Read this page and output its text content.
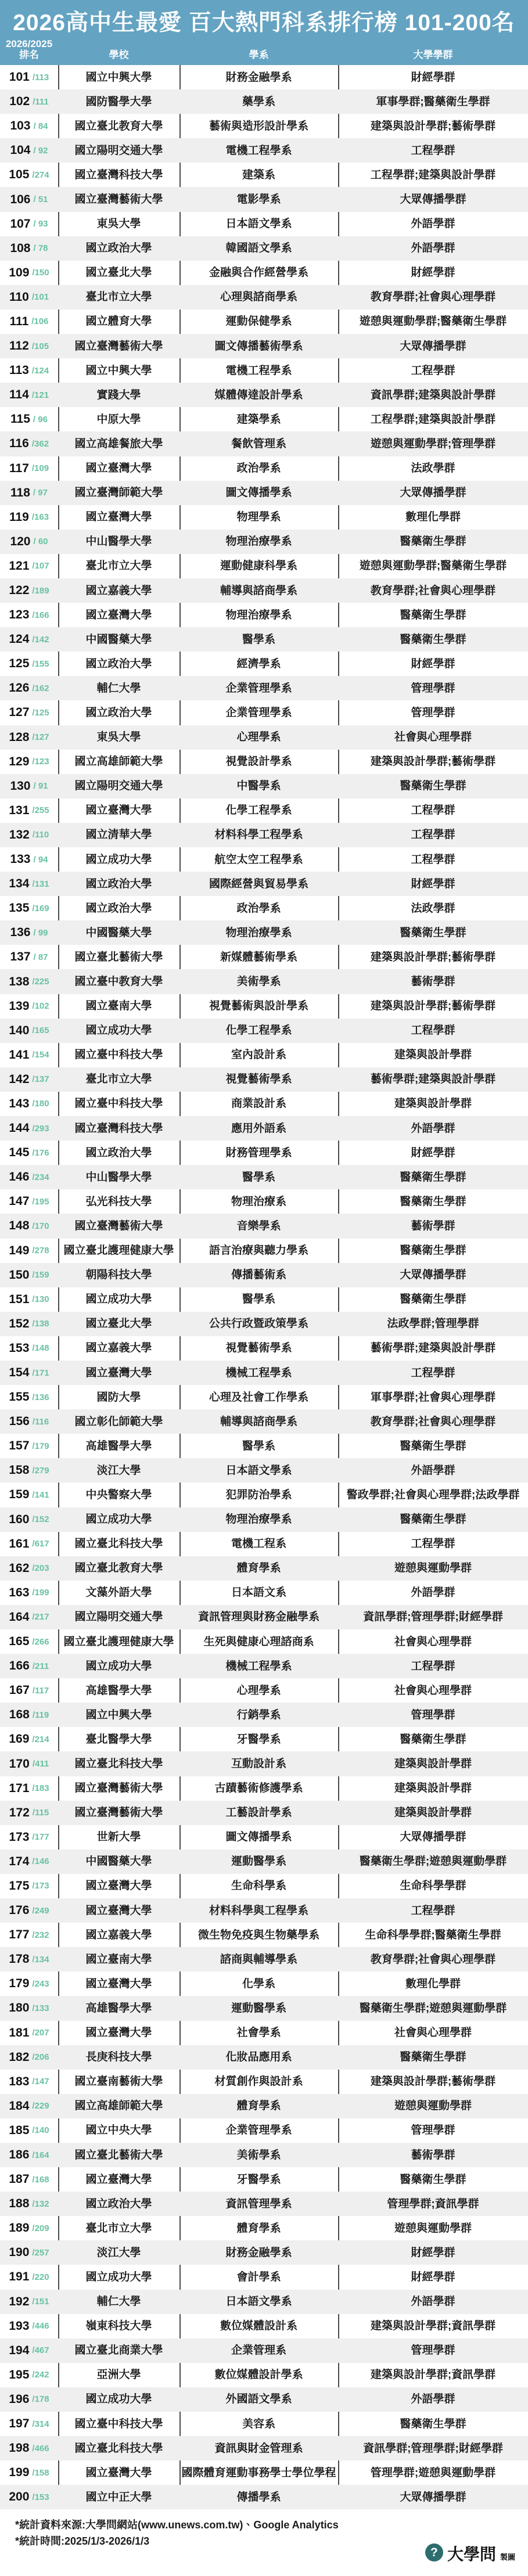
2026高中生最愛 百大熱門科系排行榜 101-200名
2026/2025
排名	學校	學系	大學學群
101 /113	國立中興大學	財務金融學系	財經學群
102 /111	國防醫學大學	藥學系	軍事學群;醫藥衛生學群
103 / 84 國立臺北教育大學	藝術與造形設計學系	建築與設計學群;藝術學群
104 / 92 國立陽明交通大學	電機工程學系	工程學群
105 /274 國立臺灣科技大學	建築系	工程學群;建築與設計學群
106 / 51 國立臺灣藝術大學	電影學系	大眾傳播學群
107 / 93	東吳大學	日本語文學系	外語學群
108 / 78	國立政治大學	韓國語文學系	外語學群
109 /150	國立臺北大學	金融與合作經營學系	財經學群
110 /101	臺北市立大學	心理與諮商學系	教育學群;社會與心理學群
111 /106	國立體育大學	運動保健學系	遊憩與運動學群;醫藥衛生學群
112 /105 國立臺灣藝術大學	圖文傳播藝術學系	大眾傳播學群
113 /124	國立中興大學	電機工程學系	工程學群
114 /121	實踐大學	媒體傳達設計學系	資訊學群;建築與設計學群
115 / 96	中原大學	建築學系	工程學群;建築與設計學群
116 /362 國立高雄餐旅大學	餐飲管理系	遊憩與運動學群;管理學群
117 /109	國立臺灣大學	政治學系	法政學群
118 / 97 國立臺灣師範大學	圖文傳播學系	大眾傳播學群
119 /163	國立臺灣大學	物理學系	數理化學群
120 / 60	中山醫學大學	物理治療學系	醫藥衛生學群
121 /107	臺北市立大學	運動健康科學系	遊憩與運動學群;醫藥衛生學群
122 /189	國立嘉義大學	輔導與諮商學系	教育學群;社會與心理學群
123 /166	國立臺灣大學	物理治療學系	醫藥衛生學群
124 /142	中國醫藥大學	醫學系	醫藥衛生學群
125 /155	國立政治大學	經濟學系	財經學群
126 /162	輔仁大學	企業管理學系	管理學群
127 /125	國立政治大學	企業管理學系	管理學群
128 /127	東吳大學	心理學系	社會與心理學群
129 /123 國立高雄師範大學	視覺設計學系	建築與設計學群;藝術學群
130 / 91 國立陽明交通大學	中醫學系	醫藥衛生學群
131 /255	國立臺灣大學	化學工程學系	工程學群
132 /110	國立清華大學	材料科學工程學系	工程學群
133 / 94	國立成功大學	航空太空工程學系	工程學群
134 /131	國立政治大學	國際經營與貿易學系	財經學群
135 /169	國立政治大學	政治學系	法政學群
136 / 99	中國醫藥大學	物理治療學系	醫藥衛生學群
137 / 87 國立臺北藝術大學	新媒體藝術學系	建築與設計學群;藝術學群
138 /225 國立臺中教育大學	美術學系	藝術學群
139 /102	國立臺南大學	視覺藝術與設計學系	建築與設計學群;藝術學群
140 /165	國立成功大學	化學工程學系	工程學群
141 /154 國立臺中科技大學	室內設計系	建築與設計學群
142 /137	臺北市立大學	視覺藝術學系	藝術學群;建築與設計學群
143 /180 國立臺中科技大學	商業設計系	建築與設計學群
144 /293 國立臺灣科技大學	應用外語系	外語學群
145 /176	國立政治大學	財務管理學系	財經學群
146 /234	中山醫學大學	醫學系	醫藥衛生學群
147 /195	弘光科技大學	物理治療系	醫藥衛生學群
148 /170 國立臺灣藝術大學	音樂學系	藝術學群
149 /278 國立臺北護理健康大學	語言治療與聽力學系	醫藥衛生學群
150 /159	朝陽科技大學	傳播藝術系	大眾傳播學群
151 /130	國立成功大學	醫學系	醫藥衛生學群
152 /138	國立臺北大學	公共行政暨政策學系	法政學群;管理學群
153 /148	國立嘉義大學	視覺藝術學系	藝術學群;建築與設計學群
154 /171	國立臺灣大學	機械工程學系	工程學群
155 /136	國防大學	心理及社會工作學系	軍事學群;社會與心理學群
156 /116 國立彰化師範大學	輔導與諮商學系	教育學群;社會與心理學群
157 /179	高雄醫學大學	醫學系	醫藥衛生學群
158 /279	淡江大學	日本語文學系	外語學群
159 /141	中央警察大學	犯罪防治學系	警政學群;社會與心理學群;法政學群
160 /152	國立成功大學	物理治療學系	醫藥衛生學群
161 /617 國立臺北科技大學	電機工程系	工程學群
162 /203 國立臺北教育大學	體育學系	遊憩與運動學群
163 /199	文藻外語大學	日本語文系	外語學群
164 /217 國立陽明交通大學	資訊管理與財務金融學系	資訊學群;管理學群;財經學群
165 /266 國立臺北護理健康大學	生死與健康心理諮商系	社會與心理學群
166 /211	國立成功大學	機械工程學系	工程學群
167 /117	高雄醫學大學	心理學系	社會與心理學群
168 /119	國立中興大學	行銷學系	管理學群
169 /214	臺北醫學大學	牙醫學系	醫藥衛生學群
170 /411 國立臺北科技大學	互動設計系	建築與設計學群
171 /183 國立臺灣藝術大學	古蹟藝術修護學系	建築與設計學群
172 /115 國立臺灣藝術大學	工藝設計學系	建築與設計學群
173 /177	世新大學	圖文傳播學系	大眾傳播學群
174 /146	中國醫藥大學	運動醫學系	醫藥衛生學群;遊憩與運動學群
175 /173	國立臺灣大學	生命科學系	生命科學學群
176 /249	國立臺灣大學	材料科學與工程學系	工程學群
177 /232	國立嘉義大學	微生物免疫與生物藥學系	生命科學學群;醫藥衛生學群
178 /134	國立臺南大學	諮商與輔導學系	教育學群;社會與心理學群
179 /243	國立臺灣大學	化學系	數理化學群
180 /133	高雄醫學大學	運動醫學系	醫藥衛生學群;遊憩與運動學群
181 /207	國立臺灣大學	社會學系	社會與心理學群
182 /206	長庚科技大學	化妝品應用系	醫藥衛生學群
183 /147 國立臺南藝術大學	材質創作與設計系	建築與設計學群;藝術學群
184 /229 國立高雄師範大學	體育學系	遊憩與運動學群
185 /140	國立中央大學	企業管理學系	管理學群
186 /164 國立臺北藝術大學	美術學系	藝術學群
187 /168	國立臺灣大學	牙醫學系	醫藥衛生學群
188 /132	國立政治大學	資訊管理學系	管理學群;資訊學群
189 /209	臺北市立大學	體育學系	遊憩與運動學群
190 /257	淡江大學	財務金融學系	財經學群
191 /220	國立成功大學	會計學系	財經學群
192 /151	輔仁大學	日本語文學系	外語學群
193 /446	嶺東科技大學	數位媒體設計系	建築與設計學群;資訊學群
194 /467 國立臺北商業大學	企業管理系	管理學群
195 /242	亞洲大學	數位媒體設計學系	建築與設計學群;資訊學群
196 /178	國立成功大學	外國語文學系	外語學群
197 /314 國立臺中科技大學	美容系	醫藥衛生學群
198 /466 國立臺北科技大學	資訊與財金管理系	資訊學群;管理學群;財經學群
199 /158	國立臺灣大學	國際體育運動事務學士學位學程	管理學群;遊憩與運動學群
200 /153	國立中正大學	傳播學系	大眾傳播學群
*統計資料來源:大學問網站(www.unews.com.tw)、Google Analytics
*統計時間:2025/1/3-2026/1/3
? 大學問 製圖
